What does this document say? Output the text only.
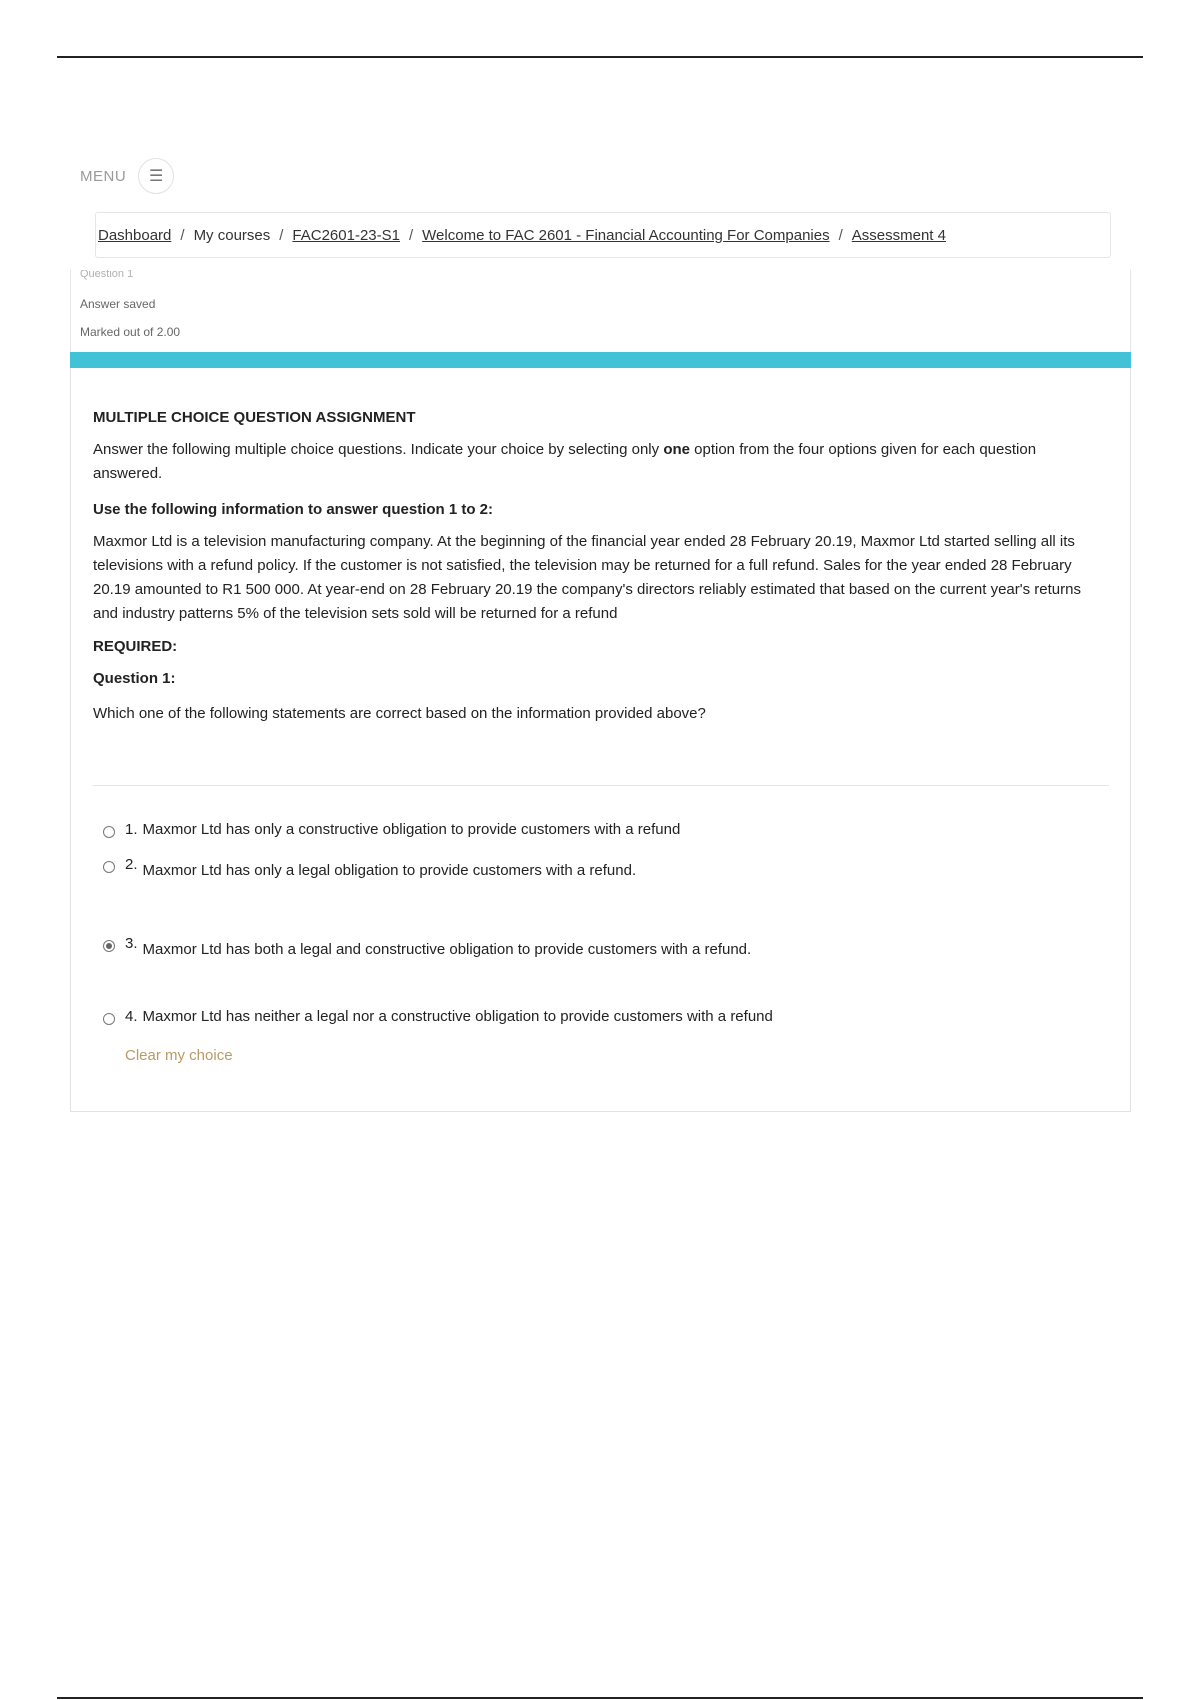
MENU	☰
Dashboard / My courses / FAC2601-23-S1 / Welcome to FAC 2601 - Financial Accounting For Companies / Assessment 4
Question 1
Answer saved
Marked out of 2.00
MULTIPLE CHOICE QUESTION ASSIGNMENT
Answer the following multiple choice questions. Indicate your choice by selecting only one option from the four options given for each question answered.
Use the following information to answer question 1 to 2:
Maxmor Ltd is a television manufacturing company. At the beginning of the financial year ended 28 February 20.19, Maxmor Ltd started selling all its televisions with a refund policy. If the customer is not satisfied, the television may be returned for a full refund. Sales for the year ended 28 February 20.19 amounted to R1 500 000. At year-end on 28 February 20.19 the company's directors reliably estimated that based on the current year's returns and industry patterns 5% of the television sets sold will be returned for a refund
REQUIRED:
Question 1:
Which one of the following statements are correct based on the information provided above?
1. Maxmor Ltd has only a constructive obligation to provide customers with a refund
2. Maxmor Ltd has only a legal obligation to provide customers with a refund.
3. Maxmor Ltd has both a legal and constructive obligation to provide customers with a refund.
4. Maxmor Ltd has neither a legal nor a constructive obligation to provide customers with a refund
Clear my choice
